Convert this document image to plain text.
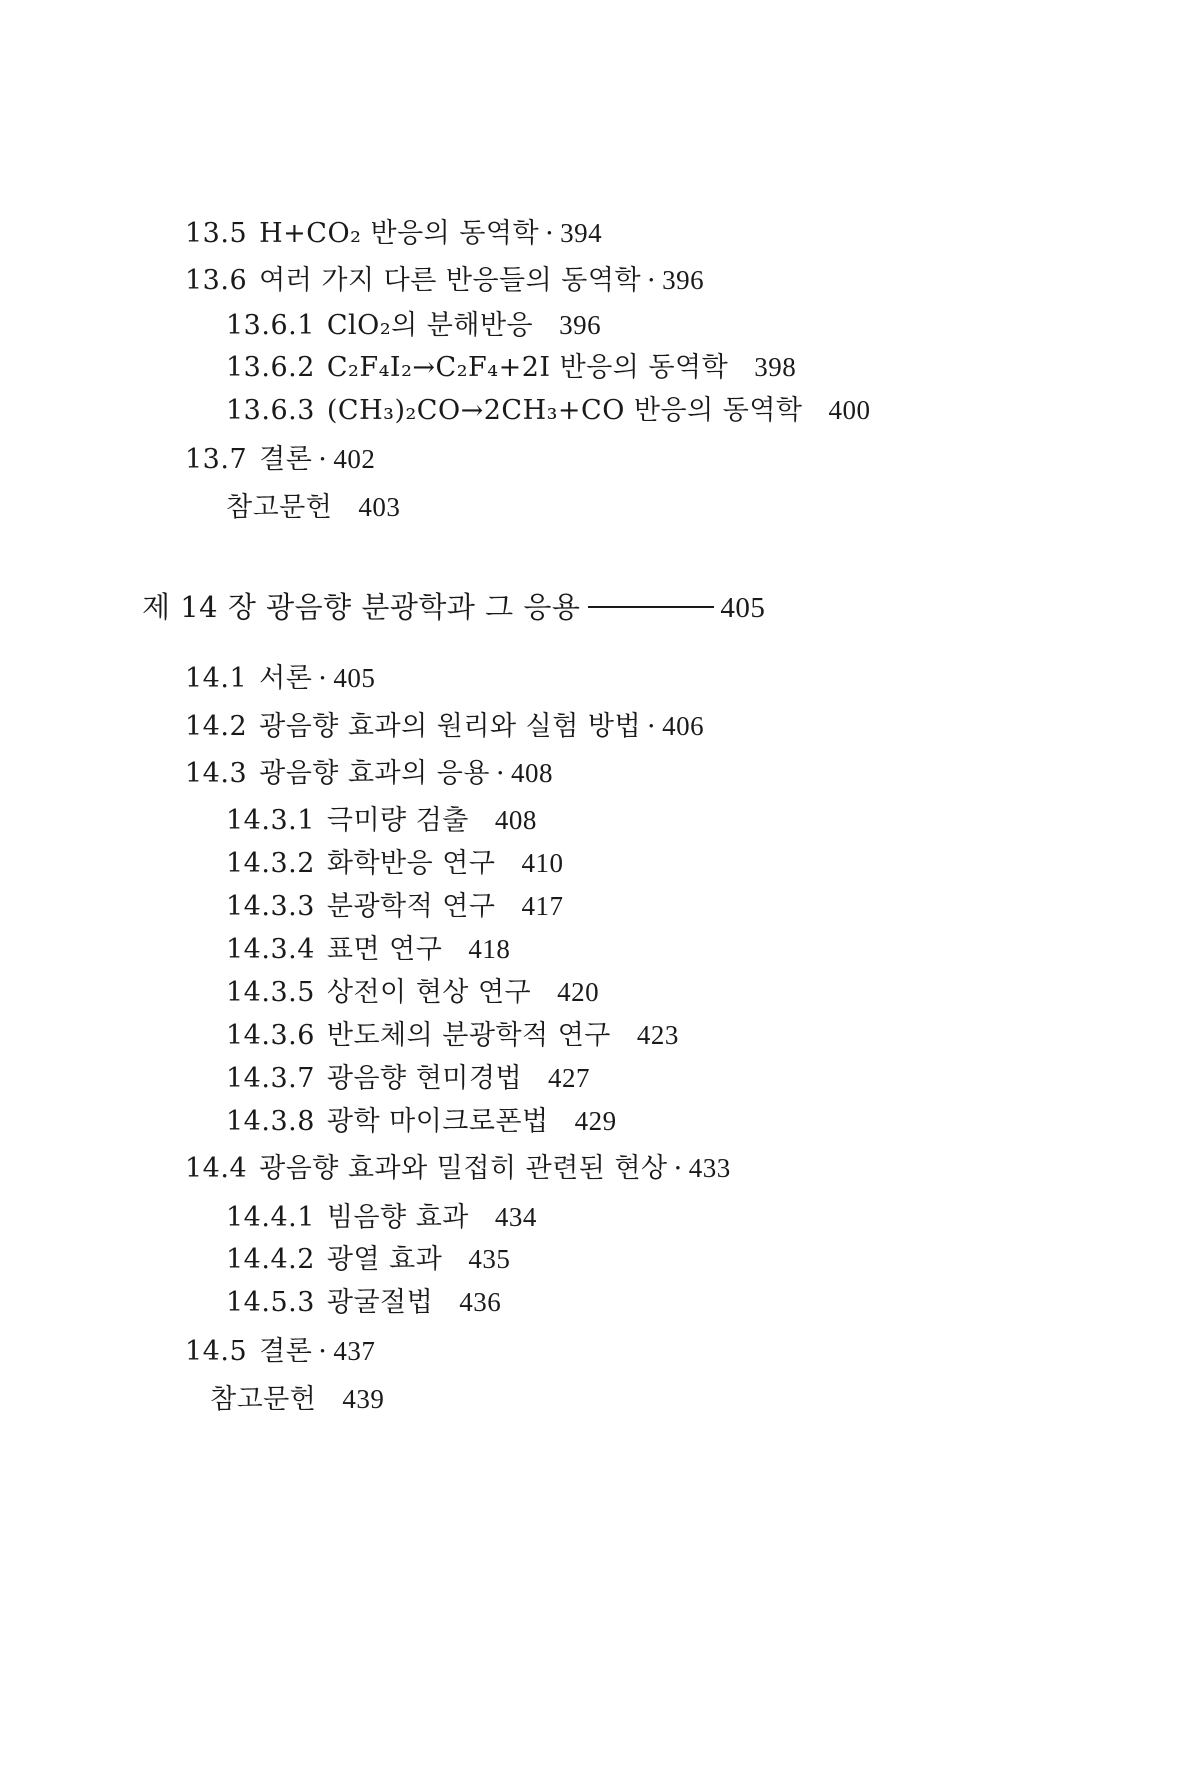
13.5 H+CO₂ 반응의 동역학 · 394
13.6 여러 가지 다른 반응들의 동역학 · 396
13.6.1 ClO₂의 분해반응 396
13.6.2 C₂F₄I₂→C₂F₄+2I 반응의 동역학 398
13.6.3 (CH₃)₂CO→2CH₃+CO 반응의 동역학 400
13.7 결론 · 402
참고문헌 403
제 14 장 광음향 분광학과 그 응용	405
14.1 서론 · 405
14.2 광음향 효과의 원리와 실험 방법 · 406
14.3 광음향 효과의 응용 · 408
14.3.1 극미량 검출 408
14.3.2 화학반응 연구 410
14.3.3 분광학적 연구 417
14.3.4 표면 연구 418
14.3.5 상전이 현상 연구 420
14.3.6 반도체의 분광학적 연구 423
14.3.7 광음향 현미경법 427
14.3.8 광학 마이크로폰법 429
14.4 광음향 효과와 밀접히 관련된 현상 · 433
14.4.1 빔음향 효과 434
14.4.2 광열 효과 435
14.5.3 광굴절법 436
14.5 결론 · 437
참고문헌 439
